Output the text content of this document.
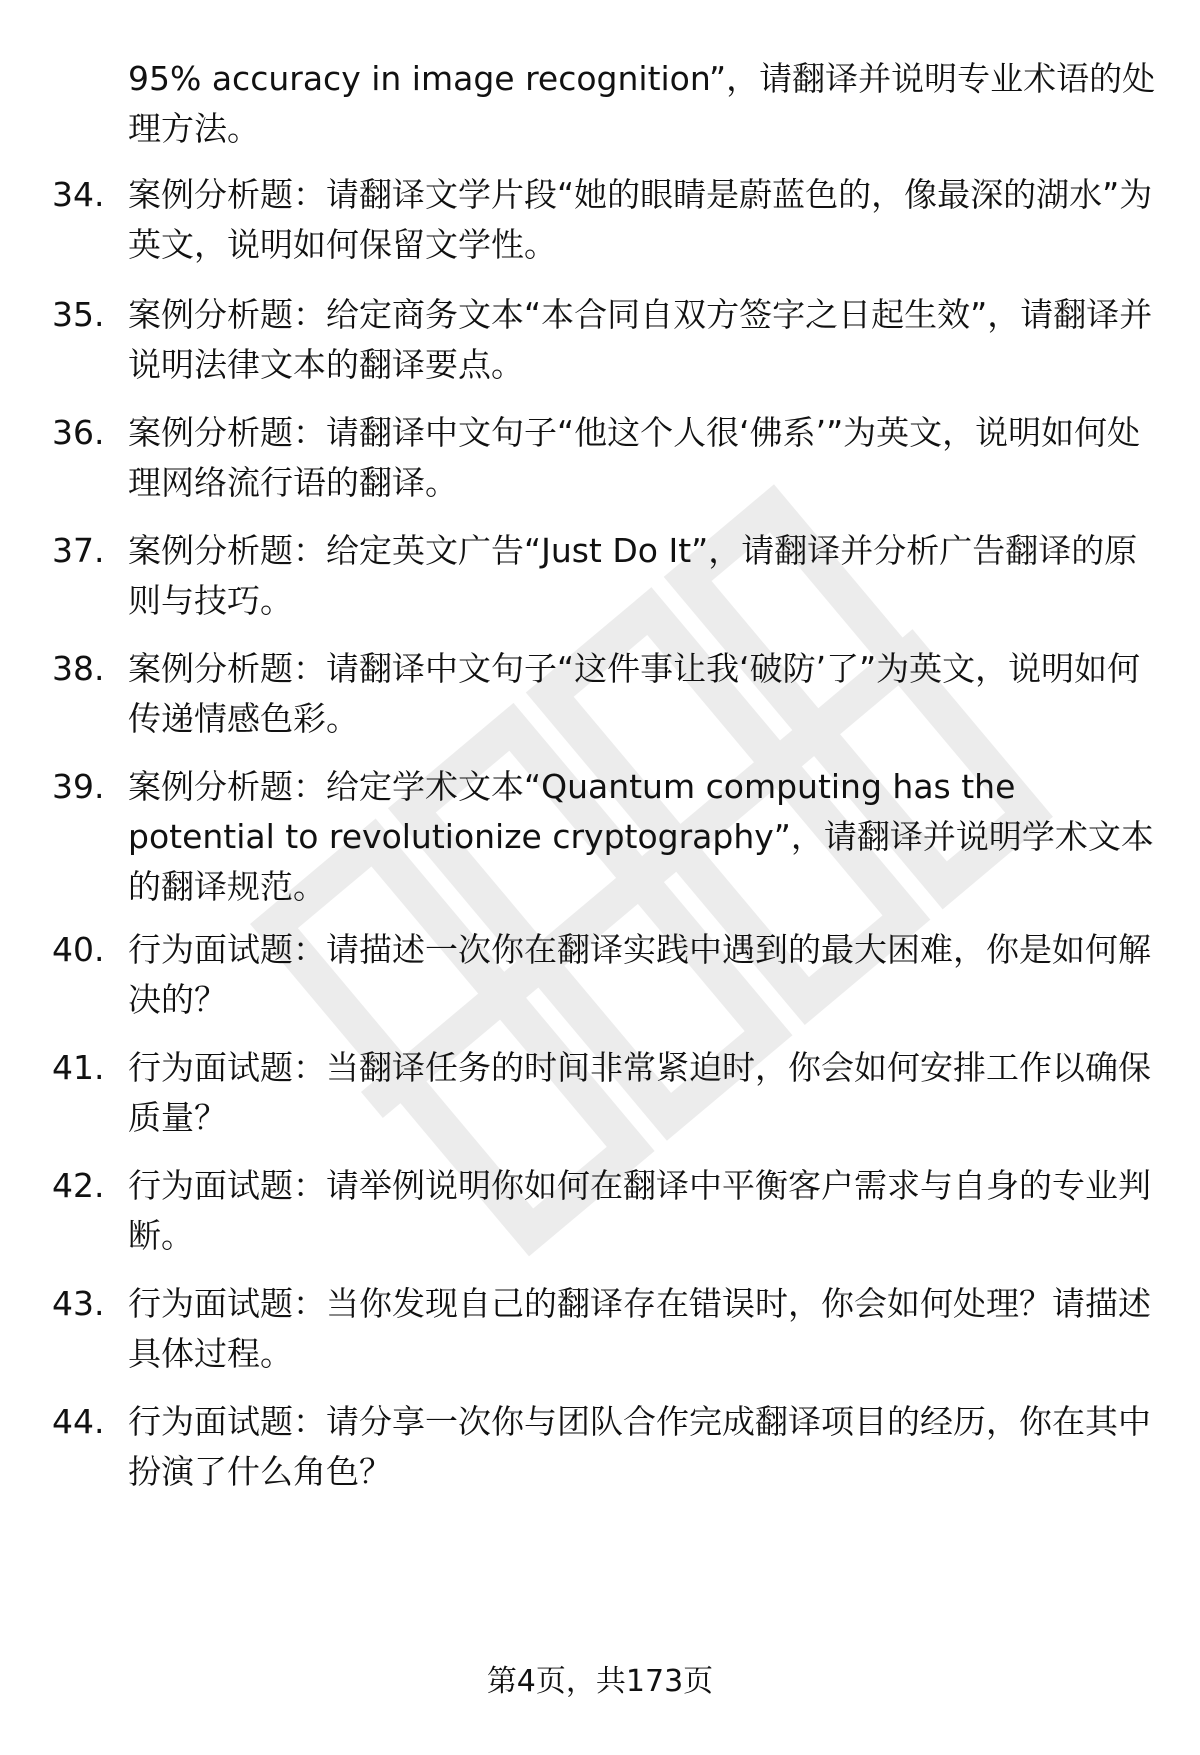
95% accuracy in image recognition”，请翻译并说明专业术语的处理方法。
34. 案例分析题：请翻译文学片段“她的眼睛是蔚蓝色的，像最深的湖水”为英文，说明如何保留文学性。
35. 案例分析题：给定商务文本“本合同自双方签字之日起生效”，请翻译并说明法律文本的翻译要点。
36. 案例分析题：请翻译中文句子“他这个人很‘佛系’”为英文，说明如何处理网络流行语的翻译。
37. 案例分析题：给定英文广告“Just Do It”，请翻译并分析广告翻译的原则与技巧。
38. 案例分析题：请翻译中文句子“这件事让我‘破防’了”为英文，说明如何传递情感色彩。
39. 案例分析题：给定学术文本“Quantum computing has the potential to revolutionize cryptography”，请翻译并说明学术文本的翻译规范。
40. 行为面试题：请描述一次你在翻译实践中遇到的最大困难，你是如何解决的？
41. 行为面试题：当翻译任务的时间非常紧迫时，你会如何安排工作以确保质量？
42. 行为面试题：请举例说明你如何在翻译中平衡客户需求与自身的专业判断。
43. 行为面试题：当你发现自己的翻译存在错误时，你会如何处理？请描述具体过程。
44. 行为面试题：请分享一次你与团队合作完成翻译项目的经历，你在其中扮演了什么角色？
第4页，共173页
